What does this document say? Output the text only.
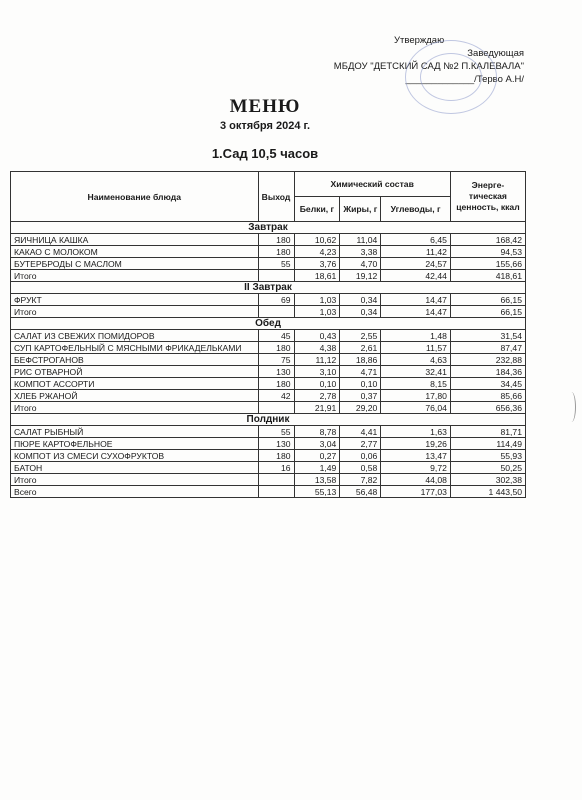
Утверждаю
Заведующая
МБДОУ "ДЕТСКИЙ САД №2 П.КАЛЕВАЛА"
_____________/Терво А.Н/
МЕНЮ
3 октября 2024 г.
1.Сад 10,5 часов
Наименование блюда	Выход	Химический состав			Энерге-тическая ценность, ккал
		Белки, г	Жиры, г	Углеводы, г	
Завтрак					
ЯИЧНИЦА КАШКА	180	10,62	11,04	6,45	168,42
КАКАО С МОЛОКОМ	180	4,23	3,38	11,42	94,53
БУТЕРБРОДЫ С МАСЛОМ	55	3,76	4,70	24,57	155,66
Итого		18,61	19,12	42,44	418,61
II Завтрак					
ФРУКТ	69	1,03	0,34	14,47	66,15
Итого		1,03	0,34	14,47	66,15
Обед					
САЛАТ ИЗ СВЕЖИХ ПОМИДОРОВ	45	0,43	2,55	1,48	31,54
СУП КАРТОФЕЛЬНЫЙ С МЯСНЫМИ ФРИКАДЕЛЬКАМИ	180	4,38	2,61	11,57	87,47
БЕФСТРОГАНОВ	75	11,12	18,86	4,63	232,88
РИС ОТВАРНОЙ	130	3,10	4,71	32,41	184,36
КОМПОТ АССОРТИ	180	0,10	0,10	8,15	34,45
ХЛЕБ РЖАНОЙ	42	2,78	0,37	17,80	85,66
Итого		21,91	29,20	76,04	656,36
Полдник					
САЛАТ РЫБНЫЙ	55	8,78	4,41	1,63	81,71
ПЮРЕ КАРТОФЕЛЬНОЕ	130	3,04	2,77	19,26	114,49
КОМПОТ ИЗ СМЕСИ СУХОФРУКТОВ	180	0,27	0,06	13,47	55,93
БАТОН	16	1,49	0,58	9,72	50,25
Итого		13,58	7,82	44,08	302,38
Всего		55,13	56,48	177,03	1 443,50
